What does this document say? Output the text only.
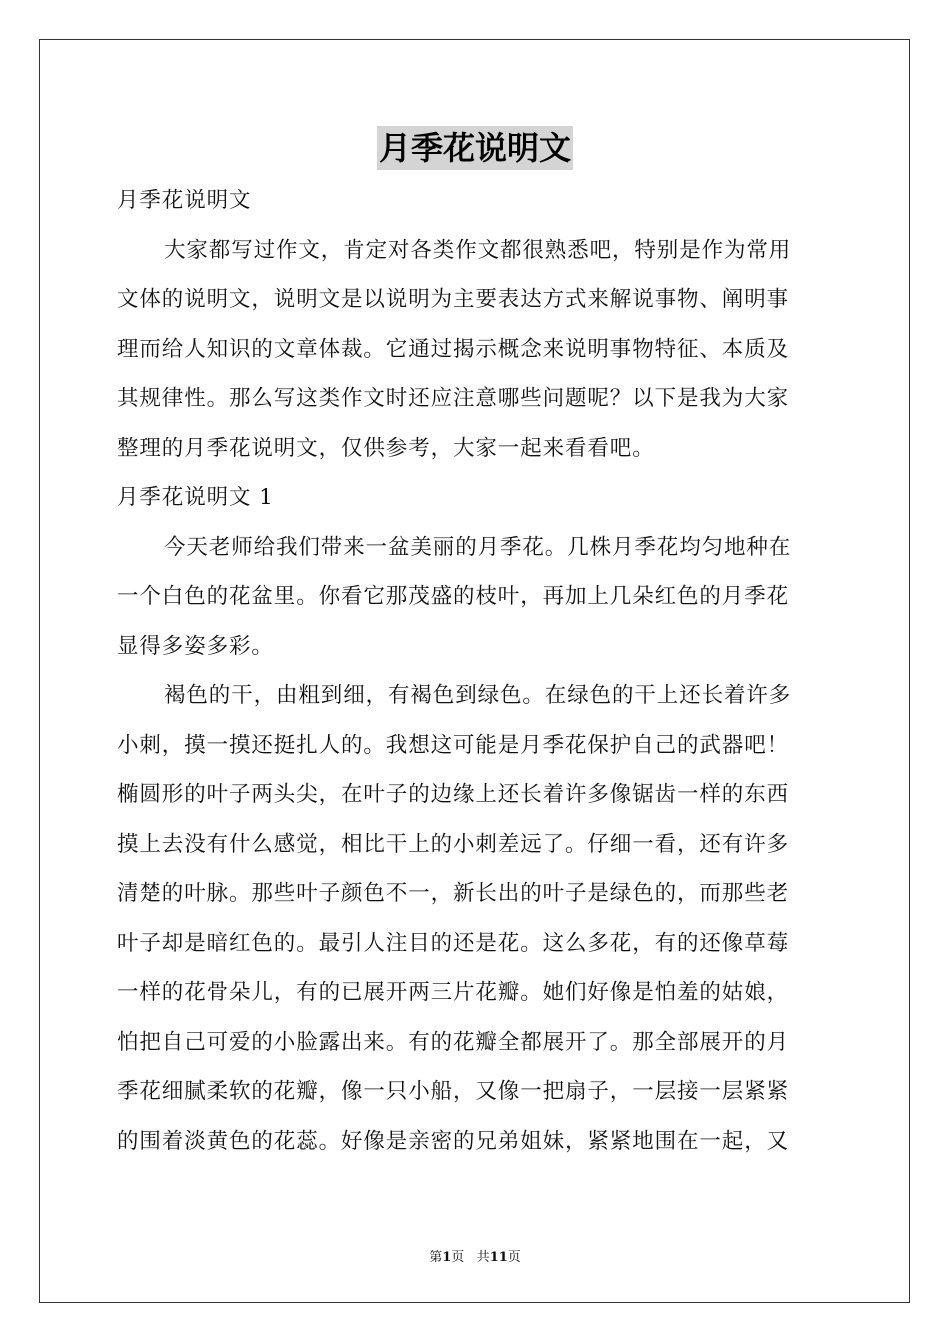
月季花说明文
月季花说明文
大家都写过作文，肯定对各类作文都很熟悉吧，特别是作为常用
文体的说明文，说明文是以说明为主要表达方式来解说事物、阐明事
理而给人知识的文章体裁。它通过揭示概念来说明事物特征、本质及
其规律性。那么写这类作文时还应注意哪些问题呢？以下是我为大家
整理的月季花说明文，仅供参考，大家一起来看看吧。
月季花说明文 1
今天老师给我们带来一盆美丽的月季花。几株月季花均匀地种在
一个白色的花盆里。你看它那茂盛的枝叶，再加上几朵红色的月季花
显得多姿多彩。
褐色的干，由粗到细，有褐色到绿色。在绿色的干上还长着许多
小刺，摸一摸还挺扎人的。我想这可能是月季花保护自己的武器吧！
椭圆形的叶子两头尖，在叶子的边缘上还长着许多像锯齿一样的东西
摸上去没有什么感觉，相比干上的小刺差远了。仔细一看，还有许多
清楚的叶脉。那些叶子颜色不一，新长出的叶子是绿色的，而那些老
叶子却是暗红色的。最引人注目的还是花。这么多花，有的还像草莓
一样的花骨朵儿，有的已展开两三片花瓣。她们好像是怕羞的姑娘，
怕把自己可爱的小脸露出来。有的花瓣全都展开了。那全部展开的月
季花细腻柔软的花瓣，像一只小船，又像一把扇子，一层接一层紧紧
的围着淡黄色的花蕊。好像是亲密的兄弟姐妹，紧紧地围在一起，又
第1页 共11页
